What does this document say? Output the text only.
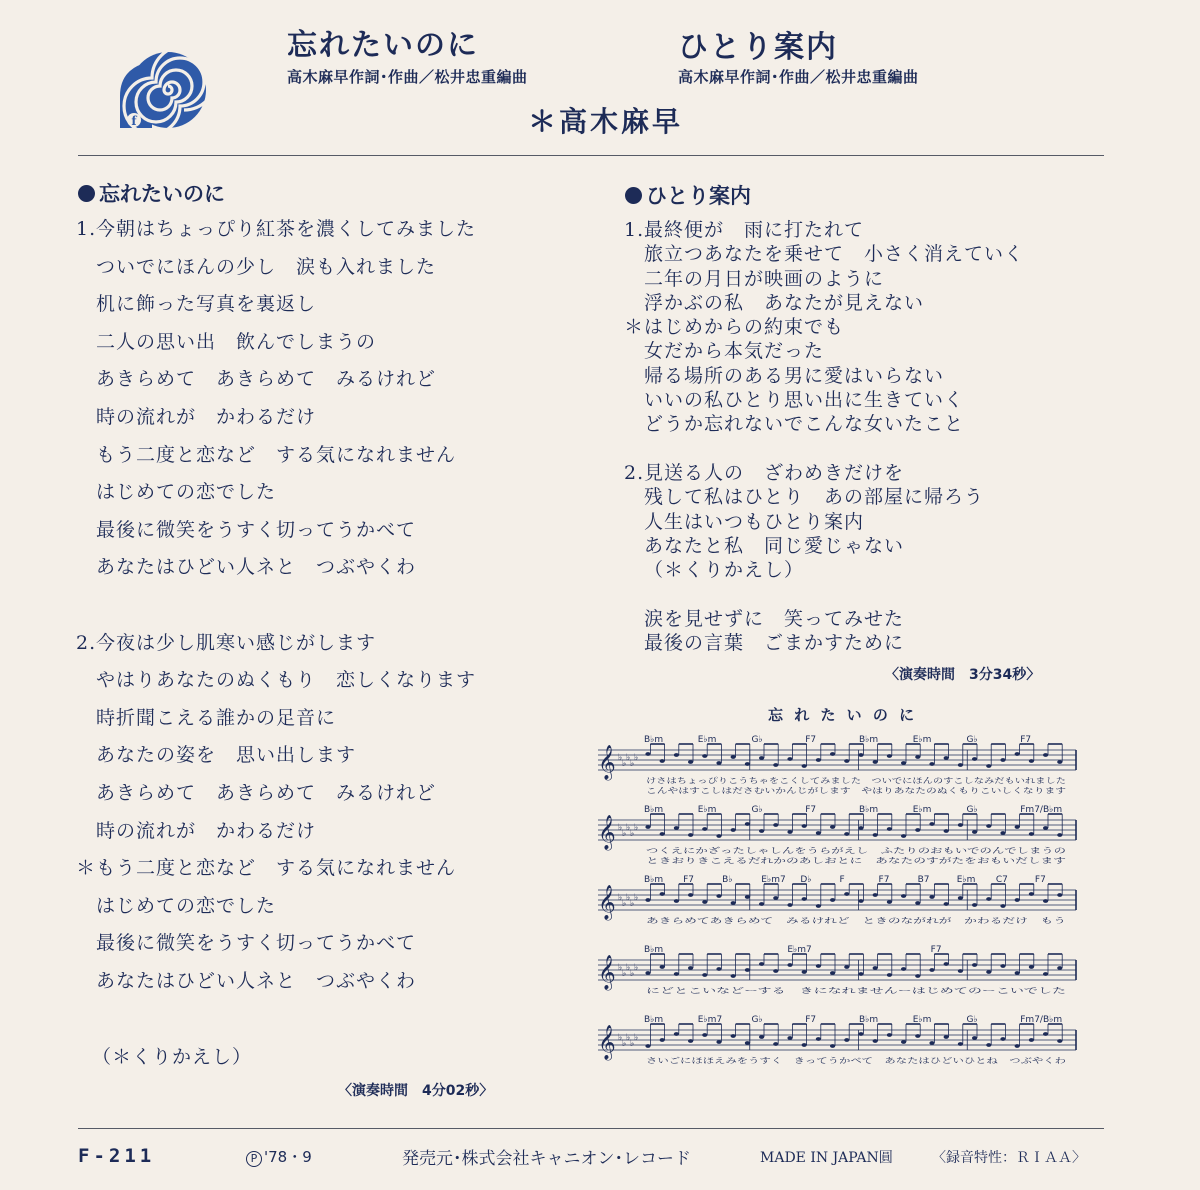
f
忘れたいのに
高木麻早作詞･作曲／松井忠重編曲
ひとり案内
高木麻早作詞･作曲／松井忠重編曲
＊高木麻早
忘れたいのに
1. 今朝はちょっぴり紅茶を濃くしてみました
ついでにほんの少し　涙も入れました
机に飾った写真を裏返し
二人の思い出　飲んでしまうの
あきらめて　あきらめて　みるけれど
時の流れが　かわるだけ
もう二度と恋など　する気になれません
はじめての恋でした
最後に微笑をうすく切ってうかべて
あなたはひどい人ネと　つぶやくわ
2. 今夜は少し肌寒い感じがします
やはりあなたのぬくもり　恋しくなります
時折聞こえる誰かの足音に
あなたの姿を　思い出します
あきらめて　あきらめて　みるけれど
時の流れが　かわるだけ
＊ もう二度と恋など　する気になれません
はじめての恋でした
最後に微笑をうすく切ってうかべて
あなたはひどい人ネと　つぶやくわ
（＊くりかえし）
〈演奏時間　4分02秒〉
ひとり案内
1. 最終便が　雨に打たれて
旅立つあなたを乗せて　小さく消えていく
二年の月日が映画のように
浮かぶの私　あなたが見えない
＊ はじめからの約束でも
女だから本気だった
帰る場所のある男に愛はいらない
いいの私ひとり思い出に生きていく
どうか忘れないでこんな女いたこと
2. 見送る人の　ざわめきだけを
残して私はひとり　あの部屋に帰ろう
人生はいつもひとり案内
あなたと私　同じ愛じゃない
（＊くりかえし）
涙を見せずに　笑ってみせた
最後の言葉　ごまかすために
〈演奏時間　3分34秒〉
忘 れ た い の に
B♭m	E♭m	G♭	F7	B♭m	E♭m	G♭	F7
𝄞 ♭
♭
♭
♭
♭
けさはちょっぴりこうちゃをこくしてみました　ついでにほんのすこしなみだもいれました
こんやはすこしはださむいかんじがします　やはりあなたのぬくもりこいしくなります
B♭m	E♭m	G♭	F7	B♭m	E♭m	G♭	Fm7/B♭m
𝄞 ♭
♭
♭
♭
♭
つくえにかざったしゃしんをうらがえし　ふたりのおもいでのんでしまうの
ときおりきこえるだれかのあしおとに　あなたのすがたをおもいだします
B♭m F7	B♭	E♭m7 D♭	F	F7	B7	E♭m C7	F7
𝄞 ♭
♭
♭
♭
♭
あきらめてあきらめて　みるけれど　ときのながれが　かわるだけ　もう
B♭m	E♭m7	F7
𝄞 ♭
♭
♭
♭
♭
にどとこいなどーする　きになれませんーはじめてのーこいでした
B♭m	E♭m7	G♭	F7	B♭m	E♭m	G♭	Fm7/B♭m
𝄞 ♭
♭
♭
♭
♭
さいごにほほえみをうすく　きってうかべて　あなたはひどいひとね　つぶやくわ
F-211	P '78・9	発売元･株式会社キャニオン･レコード	MADE IN JAPAN圓	〈録音特性：ＲＩＡＡ〉
